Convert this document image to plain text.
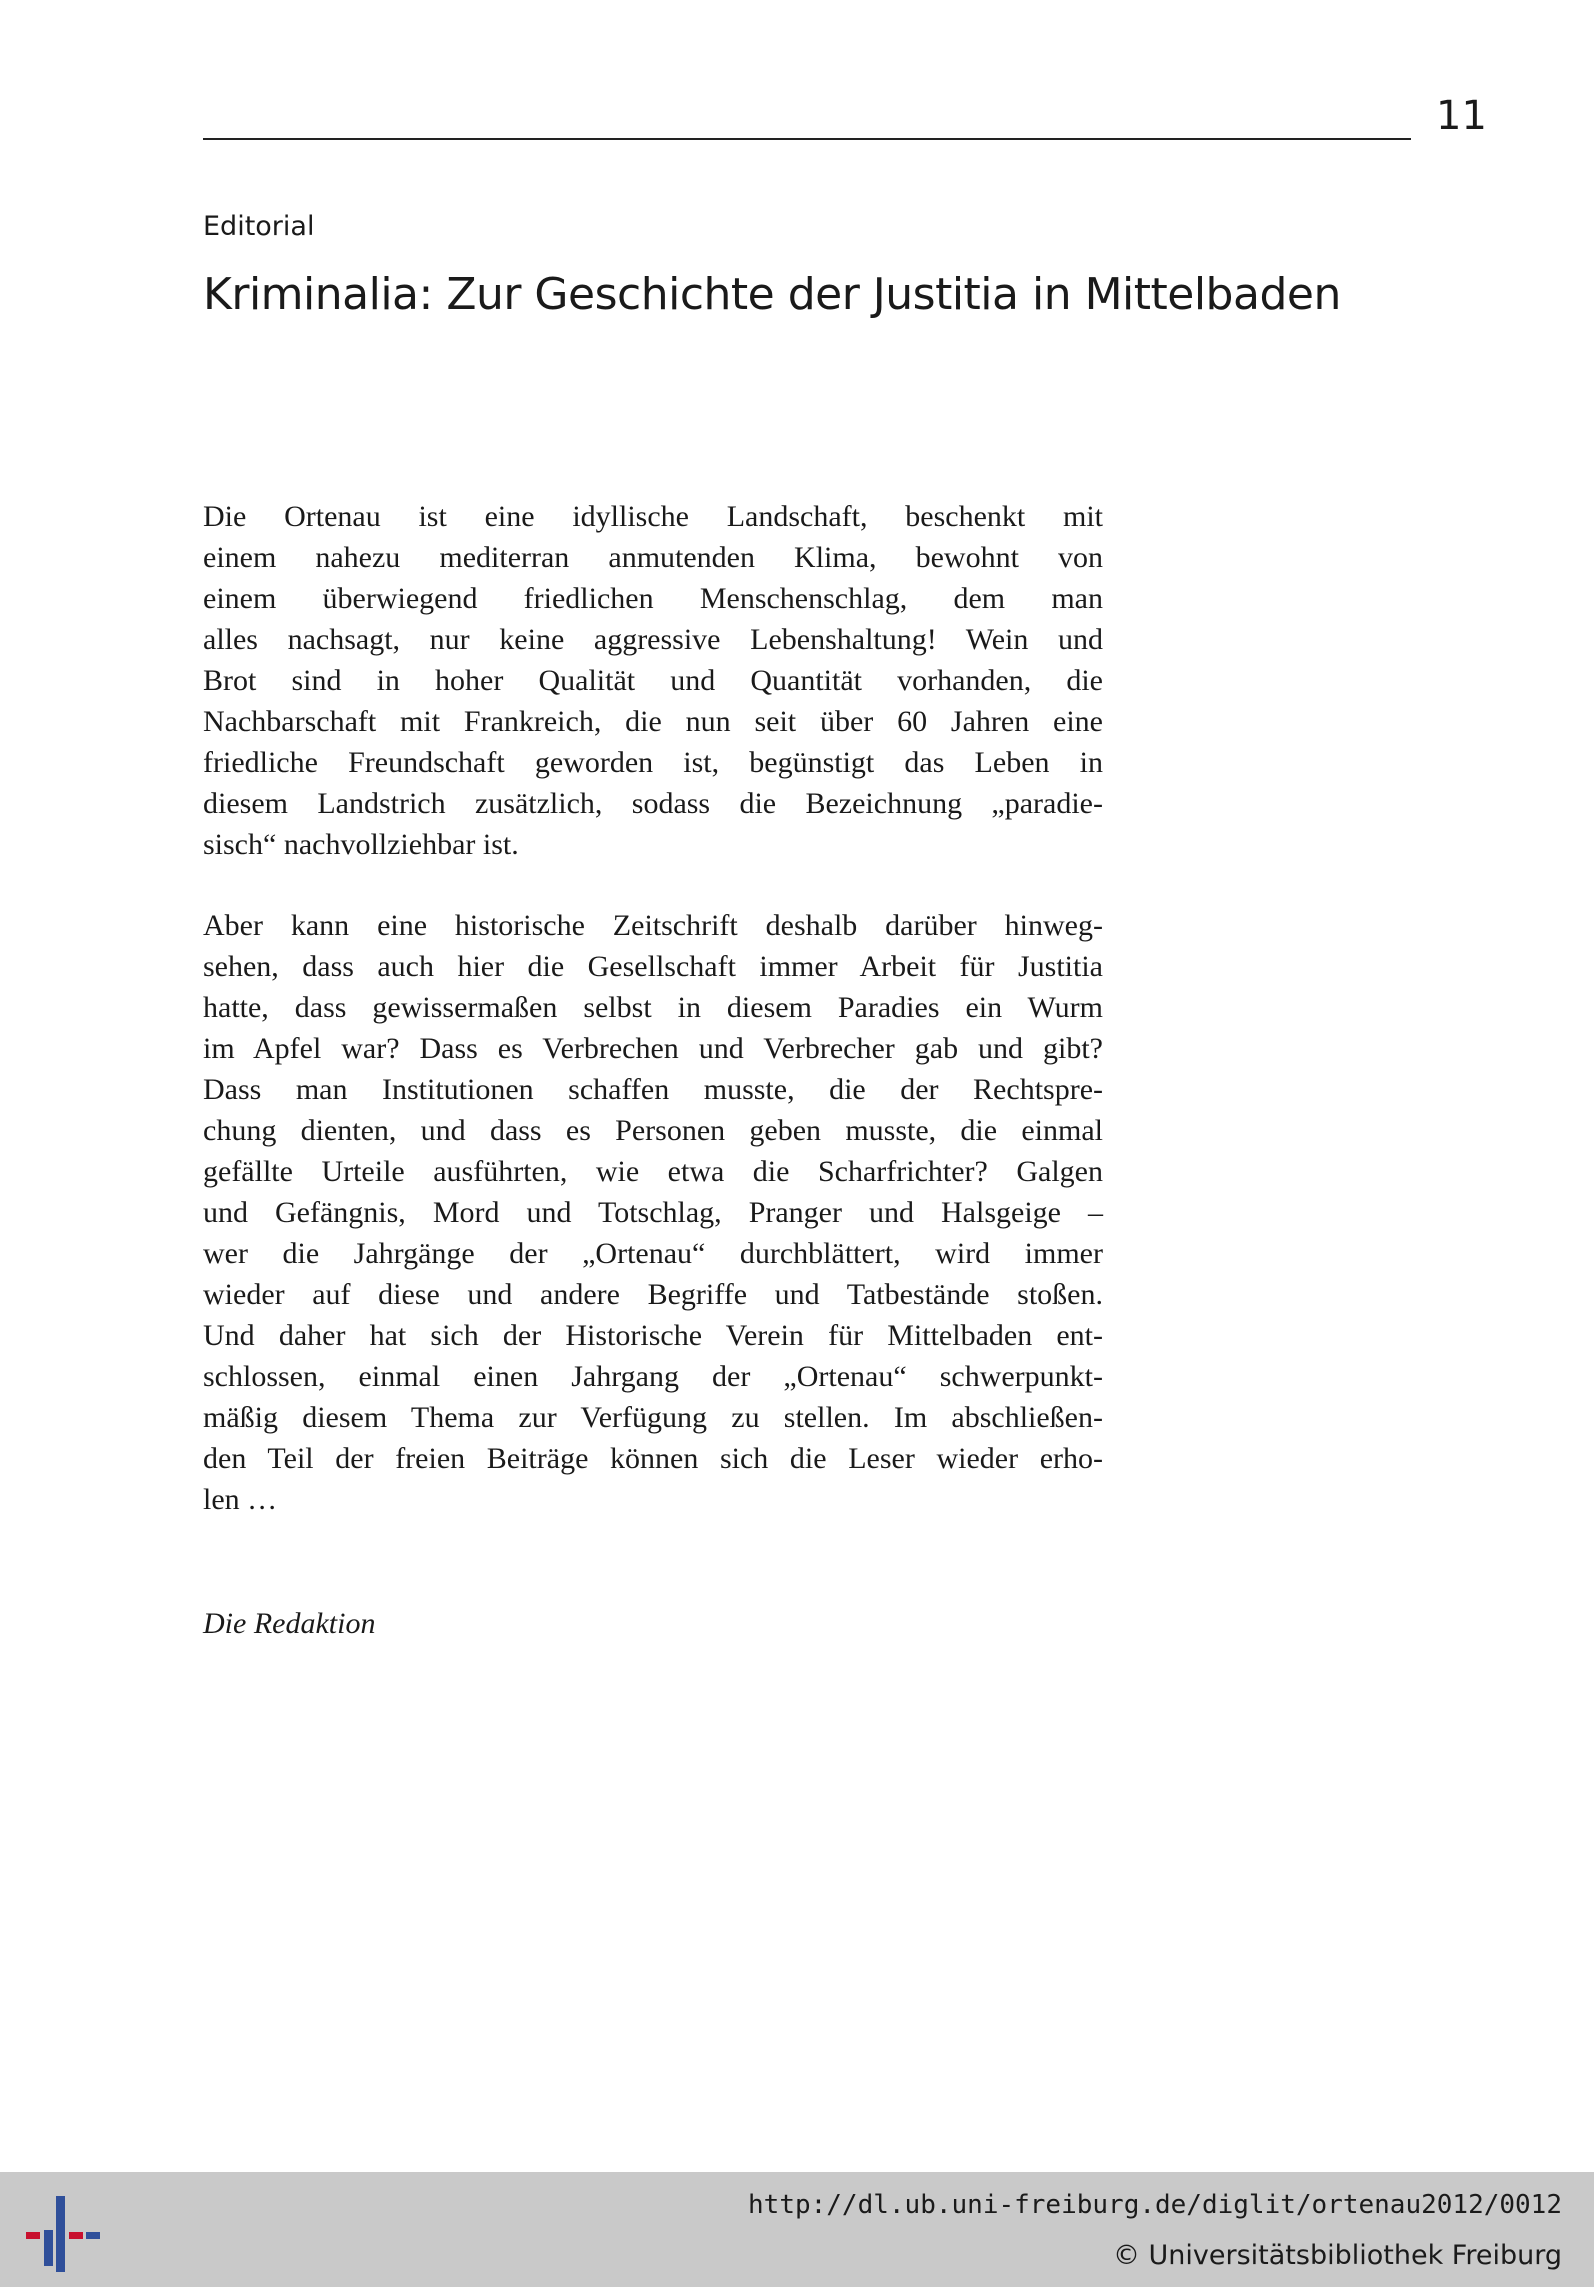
11
Editorial
Kriminalia: Zur Geschichte der Justitia in Mittelbaden
Die Ortenau ist eine idyllische Landschaft, beschenkt mit
einem nahezu mediterran anmutenden Klima, bewohnt von
einem überwiegend friedlichen Menschenschlag, dem man
alles nachsagt, nur keine aggressive Lebenshaltung! Wein und
Brot sind in hoher Qualität und Quantität vorhanden, die
Nachbarschaft mit Frankreich, die nun seit über 60 Jahren eine
friedliche Freundschaft geworden ist, begünstigt das Leben in
diesem Landstrich zusätzlich, sodass die Bezeichnung „paradie-
sisch“ nachvollziehbar ist.
Aber kann eine historische Zeitschrift deshalb darüber hinweg-
sehen, dass auch hier die Gesellschaft immer Arbeit für Justitia
hatte, dass gewissermaßen selbst in diesem Paradies ein Wurm
im Apfel war? Dass es Verbrechen und Verbrecher gab und gibt?
Dass man Institutionen schaffen musste, die der Rechtspre-
chung dienten, und dass es Personen geben musste, die einmal
gefällte Urteile ausführten, wie etwa die Scharfrichter? Galgen
und Gefängnis, Mord und Totschlag, Pranger und Halsgeige –
wer die Jahrgänge der „Ortenau“ durchblättert, wird immer
wieder auf diese und andere Begriffe und Tatbestände stoßen.
Und daher hat sich der Historische Verein für Mittelbaden ent-
schlossen, einmal einen Jahrgang der „Ortenau“ schwerpunkt-
mäßig diesem Thema zur Verfügung zu stellen. Im abschließen-
den Teil der freien Beiträge können sich die Leser wieder erho-
len …
Die Redaktion
http://dl.ub.uni-freiburg.de/diglit/ortenau2012/0012
© Universitätsbibliothek Freiburg
